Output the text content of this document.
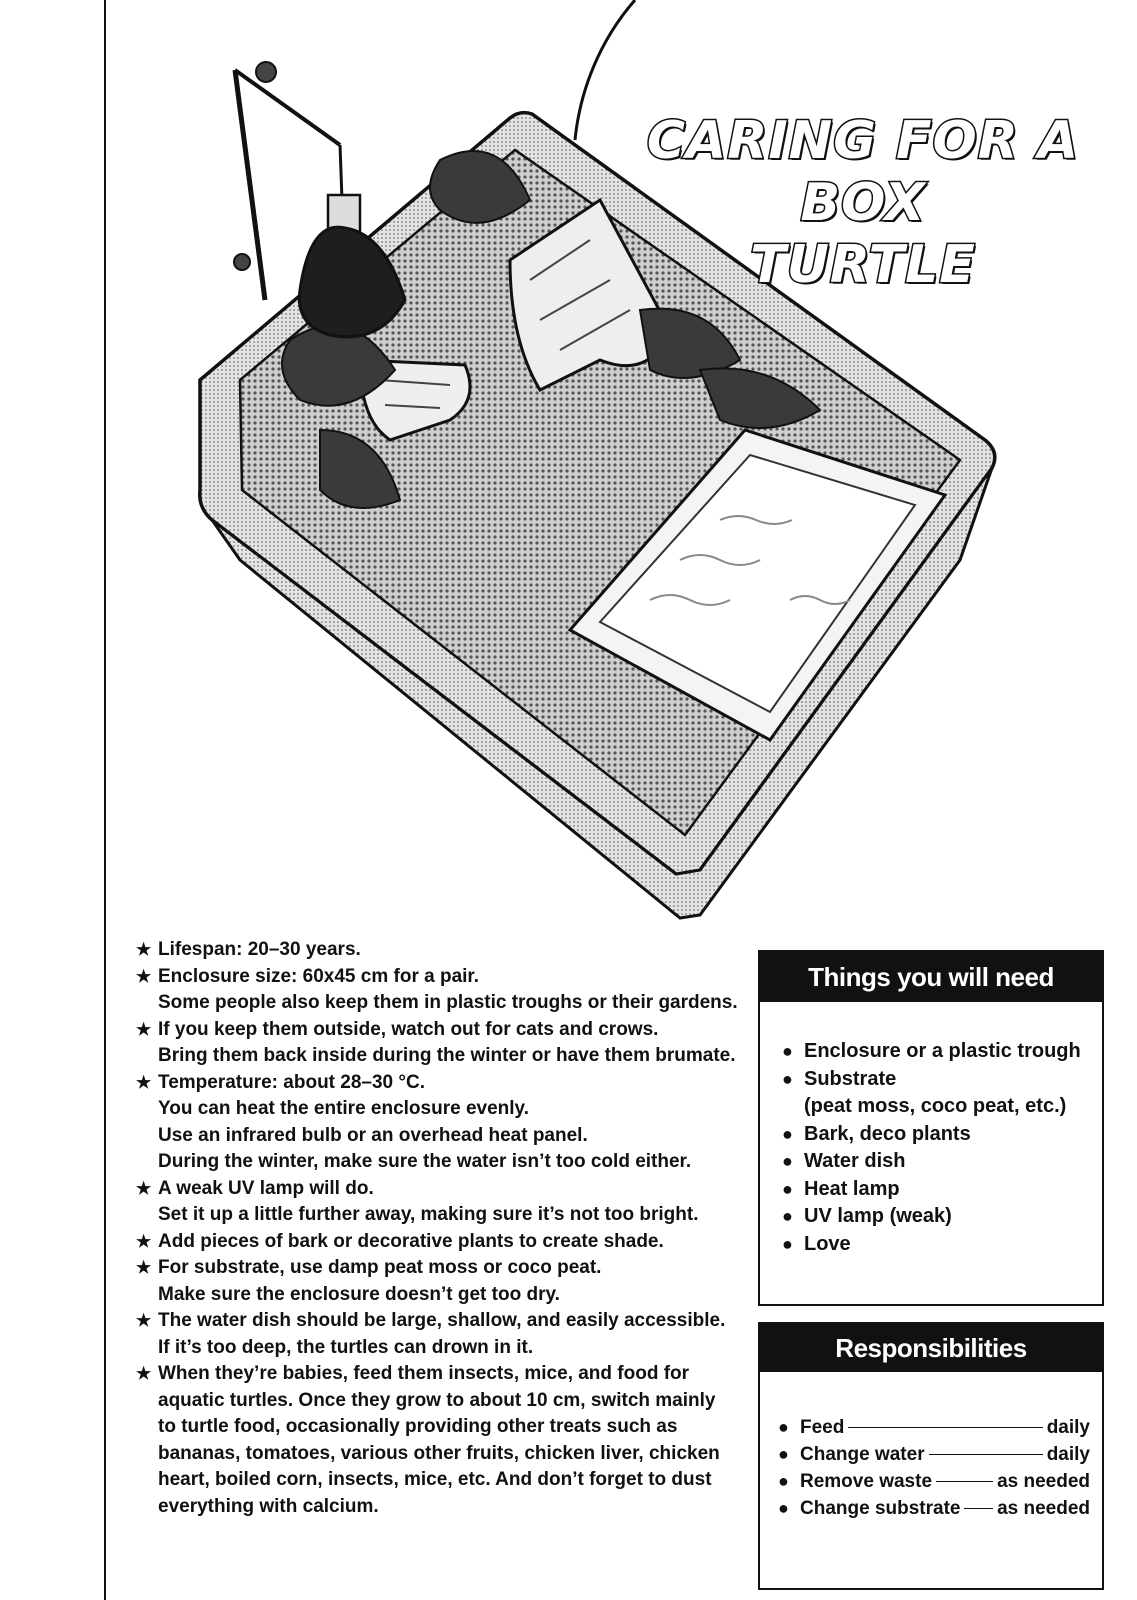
CARING FOR A BOX
TURTLE
★ Lifespan: 20–30 years.
★ Enclosure size: 60x45 cm for a pair.
Some people also keep them in plastic troughs or their gardens.
★ If you keep them outside, watch out for cats and crows.
Bring them back inside during the winter or have them brumate.
★ Temperature: about 28–30 °C.
You can heat the entire enclosure evenly.
Use an infrared bulb or an overhead heat panel.
During the winter, make sure the water isn’t too cold either.
★ A weak UV lamp will do.
Set it up a little further away, making sure it’s not too bright.
★ Add pieces of bark or decorative plants to create shade.
★ For substrate, use damp peat moss or coco peat.
Make sure the enclosure doesn’t get too dry.
★ The water dish should be large, shallow, and easily accessible.
If it’s too deep, the turtles can drown in it.
★ When they’re babies, feed them insects, mice, and food for
aquatic turtles. Once they grow to about 10 cm, switch mainly
to turtle food, occasionally providing other treats such as
bananas, tomatoes, various other fruits, chicken liver, chicken
heart, boiled corn, insects, mice, etc. And don’t forget to dust
everything with calcium.
Things you will need
● Enclosure or a plastic trough
● Substrate
(peat moss, coco peat, etc.)
● Bark, deco plants
● Water dish
● Heat lamp
● UV lamp (weak)
● Love
Responsibilities
● Feed	daily
● Change water	daily
● Remove waste	as needed
● Change substrate as needed
